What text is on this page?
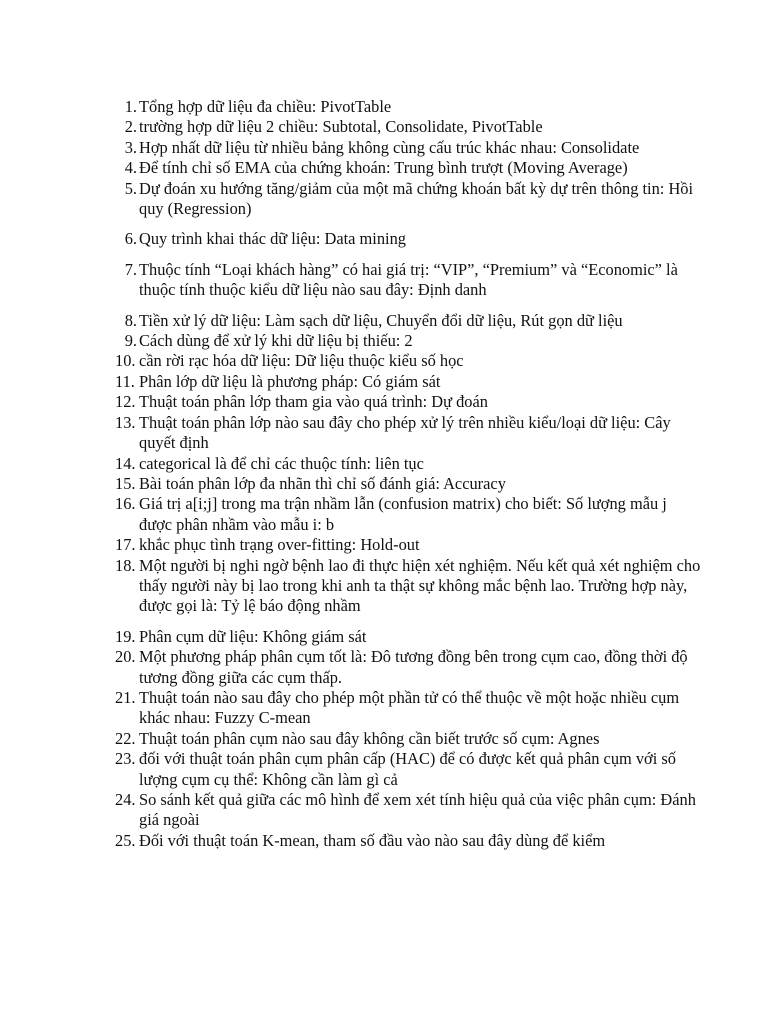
1. Tổng hợp dữ liệu đa chiều: PivotTable
2. trường hợp dữ liệu 2 chiều: Subtotal, Consolidate, PivotTable
3. Hợp nhất dữ liệu từ nhiều bảng không cùng cấu trúc khác nhau: Consolidate
4. Để tính chỉ số EMA của chứng khoán: Trung bình trượt (Moving Average)
5. Dự đoán xu hướng tăng/giảm của một mã chứng khoán bất kỳ dự trên thông tin: Hồi quy (Regression)
6. Quy trình khai thác dữ liệu: Data mining
7. Thuộc tính “Loại khách hàng” có hai giá trị: “VIP”, “Premium” và “Economic” là thuộc tính thuộc kiểu dữ liệu nào sau đây: Định danh
8. Tiền xử lý dữ liệu: Làm sạch dữ liệu, Chuyển đổi dữ liệu, Rút gọn dữ liệu
9. Cách dùng để xử lý khi dữ liệu bị thiếu: 2
10. cần rời rạc hóa dữ liệu: Dữ liệu thuộc kiểu số học
11. Phân lớp dữ liệu là phương pháp: Có giám sát
12. Thuật toán phân lớp tham gia vào quá trình: Dự đoán
13. Thuật toán phân lớp nào sau đây cho phép xử lý trên nhiều kiểu/loại dữ liệu: Cây quyết định
14. categorical là để chỉ các thuộc tính: liên tục
15. Bài toán phân lớp đa nhãn thì chỉ số đánh giá: Accuracy
16. Giá trị a[i;j] trong ma trận nhầm lẫn (confusion matrix) cho biết: Số lượng mẫu j được phân nhầm vào mẫu i: b
17. khắc phục tình trạng over-fitting: Hold-out
18. Một người bị nghi ngờ bệnh lao đi thực hiện xét nghiệm. Nếu kết quả xét nghiệm cho thấy người này bị lao trong khi anh ta thật sự không mắc bệnh lao. Trường hợp này, được gọi là: Tỷ lệ báo động nhầm
19. Phân cụm dữ liệu: Không giám sát
20. Một phương pháp phân cụm tốt là: Đô tương đồng bên trong cụm cao, đồng thời độ tương đồng giữa các cụm thấp.
21. Thuật toán nào sau đây cho phép một phần tử có thể thuộc về một hoặc nhiều cụm khác nhau: Fuzzy C-mean
22. Thuật toán phân cụm nào sau đây không cần biết trước số cụm: Agnes
23. đối với thuật toán phân cụm phân cấp (HAC) để có được kết quả phân cụm với số lượng cụm cụ thể: Không cần làm gì cả
24. So sánh kết quả giữa các mô hình để xem xét tính hiệu quả của việc phân cụm: Đánh giá ngoài
25. Đối với thuật toán K-mean, tham số đầu vào nào sau đây dùng để kiểm
